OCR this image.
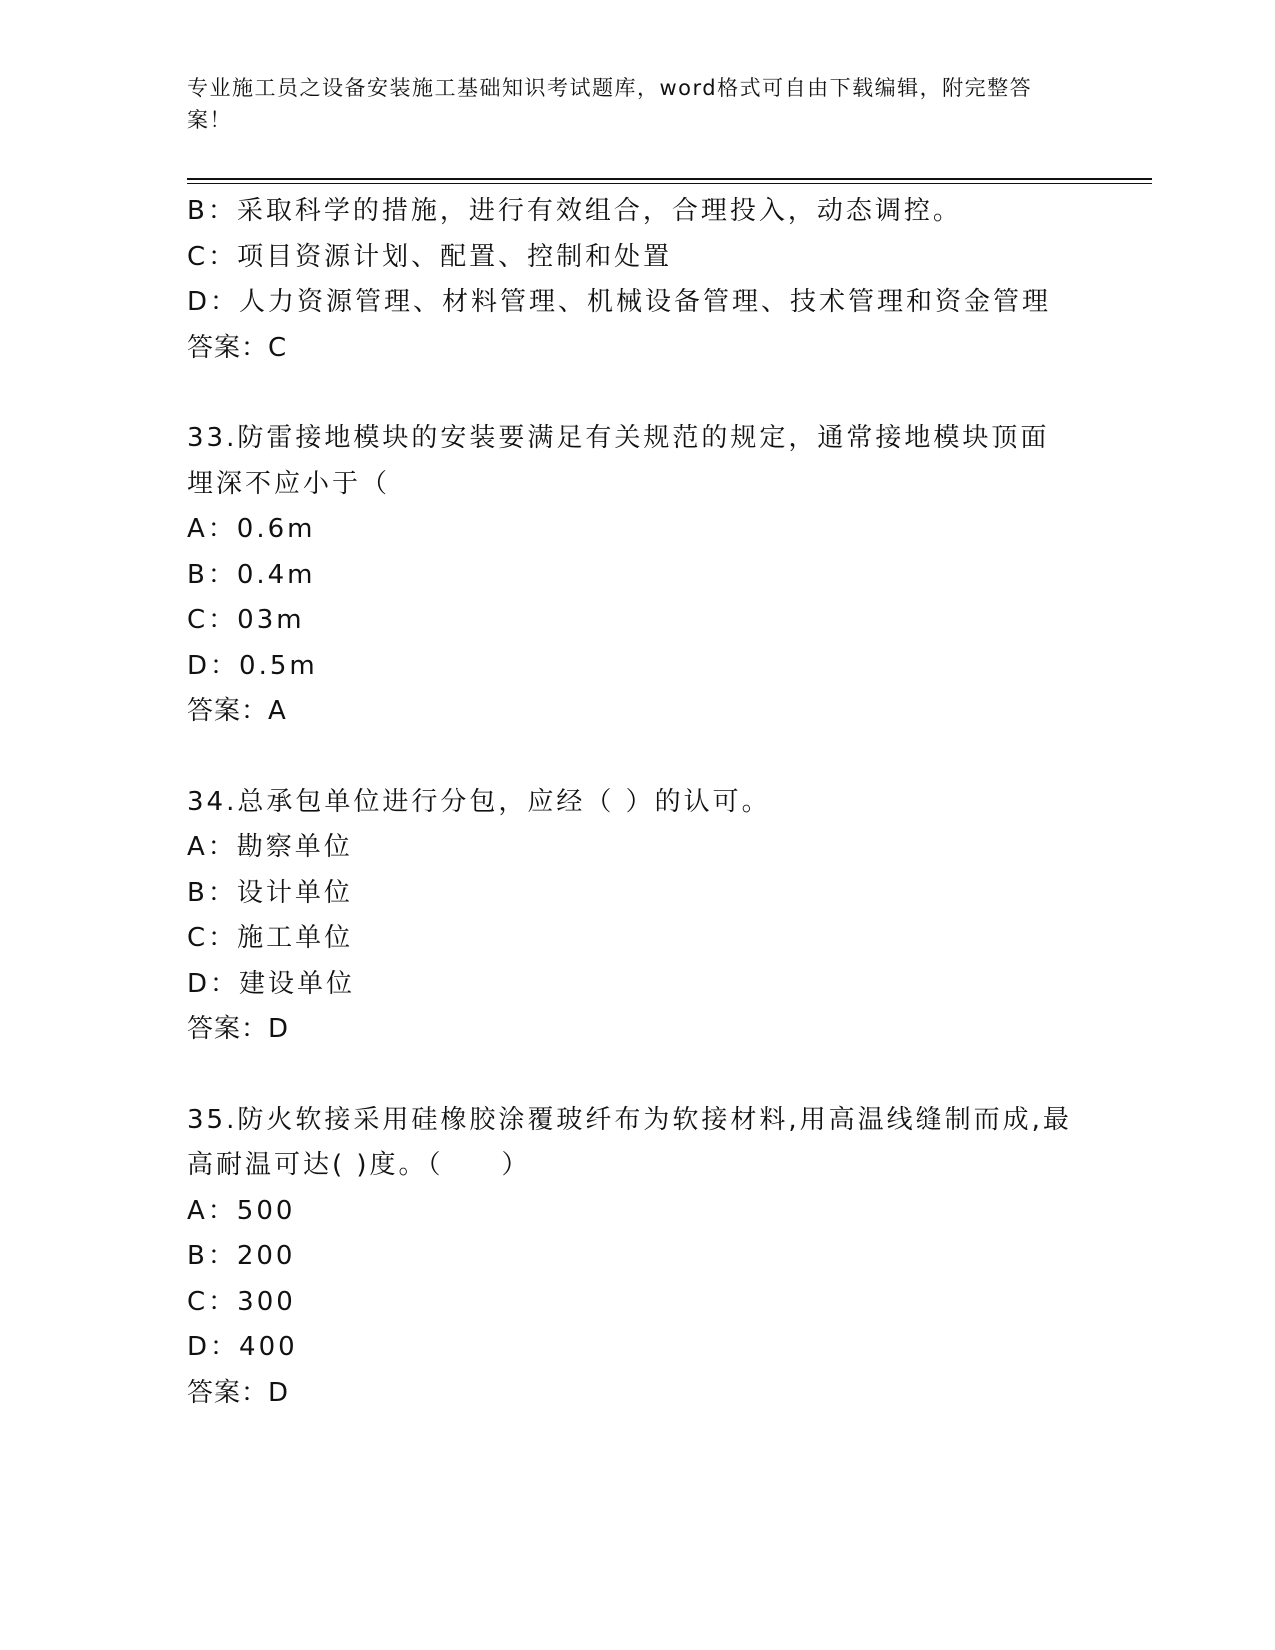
专业施工员之设备安装施工基础知识考试题库，word格式可自由下载编辑，附完整答案！
B：采取科学的措施，进行有效组合，合理投入，动态调控。
C：项目资源计划、配置、控制和处置
D：人力资源管理、材料管理、机械设备管理、技术管理和资金管理
答案：C
33.防雷接地模块的安装要满足有关规范的规定，通常接地模块顶面埋深不应小于（
A：0.6m
B：0.4m
C：03m
D：0.5m
答案：A
34.总承包单位进行分包，应经（ ）的认可。
A：勘察单位
B：设计单位
C：施工单位
D：建设单位
答案：D
35.防火软接采用硅橡胶涂覆玻纤布为软接材料,用高温线缝制而成,最高耐温可达( )度。（　　）
A：500
B：200
C：300
D：400
答案：D
